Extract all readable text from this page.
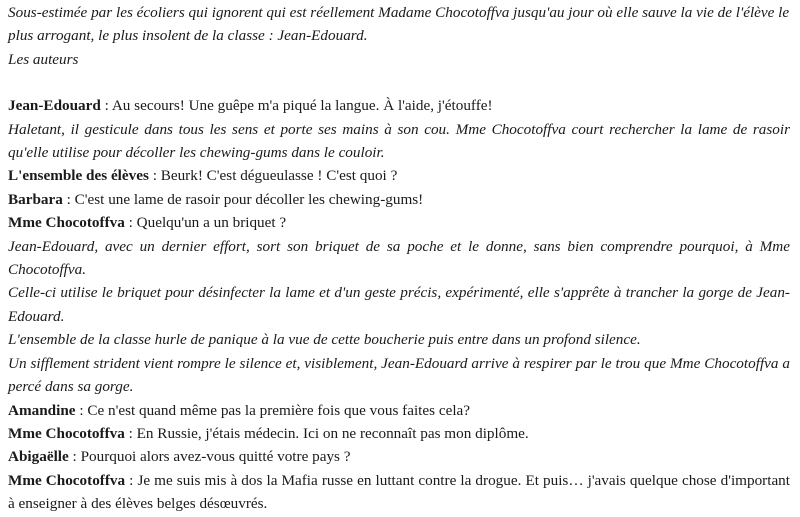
Sous-estimée par les écoliers qui ignorent qui est réellement Madame Chocotoffva jusqu'au jour où elle sauve la vie de l'élève le plus arrogant, le plus insolent de la classe : Jean-Edouard.

Les auteurs

Jean-Edouard : Au secours! Une guêpe m'a piqué la langue. À l'aide, j'étouffe!

Haletant, il gesticule dans tous les sens et porte ses mains à son cou. Mme Chocotoffva court rechercher la lame de rasoir qu'elle utilise pour décoller les chewing-gums dans le couloir.

L'ensemble des élèves : Beurk! C'est dégueulasse ! C'est quoi ?

Barbara : C'est une lame de rasoir pour décoller les chewing-gums!

Mme Chocotoffva : Quelqu'un a un briquet ?

Jean-Edouard, avec un dernier effort, sort son briquet de sa poche et le donne, sans bien comprendre pourquoi, à Mme Chocotoffva.

Celle-ci utilise le briquet pour désinfecter la lame et d'un geste précis, expérimenté, elle s'apprête à trancher la gorge de Jean-Edouard.

L'ensemble de la classe hurle de panique à la vue de cette boucherie puis entre dans un profond silence.

Un sifflement strident vient rompre le silence et, visiblement, Jean-Edouard arrive à respirer par le trou que Mme Chocotoffva a percé dans sa gorge.

Amandine : Ce n'est quand même pas la première fois que vous faites cela?

Mme Chocotoffva : En Russie, j'étais médecin. Ici on ne reconnaît pas mon diplôme.

Abigaëlle : Pourquoi alors avez-vous quitté votre pays ?

Mme Chocotoffva : Je me suis mis à dos la Mafia russe en luttant contre la drogue. Et puis… j'avais quelque chose d'important à enseigner à des élèves belges désœuvrés.
